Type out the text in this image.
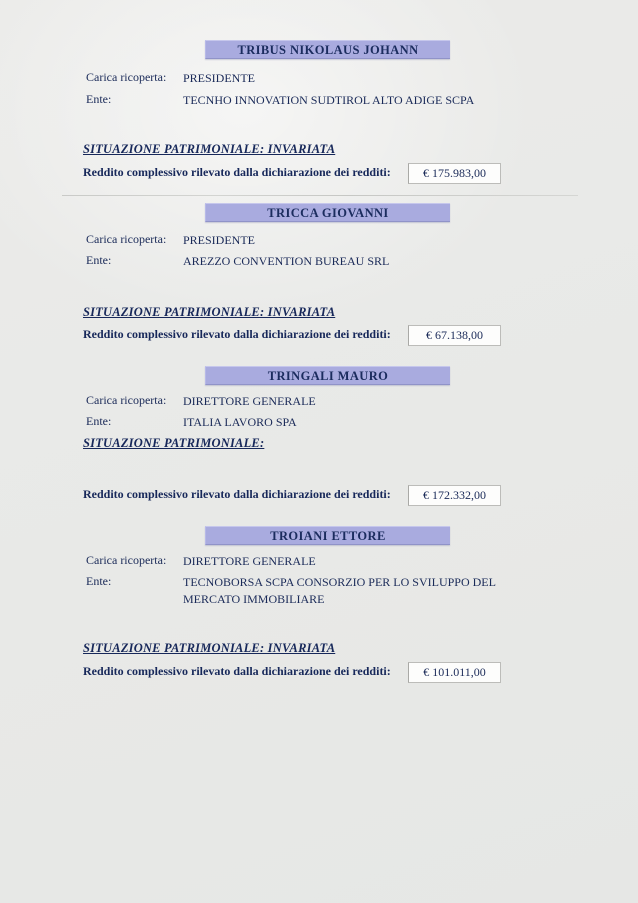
TRIBUS NIKOLAUS JOHANN
Carica ricoperta: PRESIDENTE
Ente:	TECNHO INNOVATION SUDTIROL ALTO ADIGE SCPA
SITUAZIONE PATRIMONIALE: INVARIATA
Reddito complessivo rilevato dalla dichiarazione dei redditi:	€ 175.983,00
TRICCA GIOVANNI
Carica ricoperta: PRESIDENTE
Ente:	AREZZO CONVENTION BUREAU SRL
SITUAZIONE PATRIMONIALE: INVARIATA
Reddito complessivo rilevato dalla dichiarazione dei redditi:	€ 67.138,00
TRINGALI MAURO
Carica ricoperta: DIRETTORE GENERALE
Ente:	ITALIA LAVORO SPA
SITUAZIONE PATRIMONIALE:
Reddito complessivo rilevato dalla dichiarazione dei redditi:	€ 172.332,00
TROIANI ETTORE
Carica ricoperta: DIRETTORE GENERALE
Ente:	TECNOBORSA SCPA CONSORZIO PER LO SVILUPPO DEL MERCATO IMMOBILIARE
SITUAZIONE PATRIMONIALE: INVARIATA
Reddito complessivo rilevato dalla dichiarazione dei redditi:	€ 101.011,00
